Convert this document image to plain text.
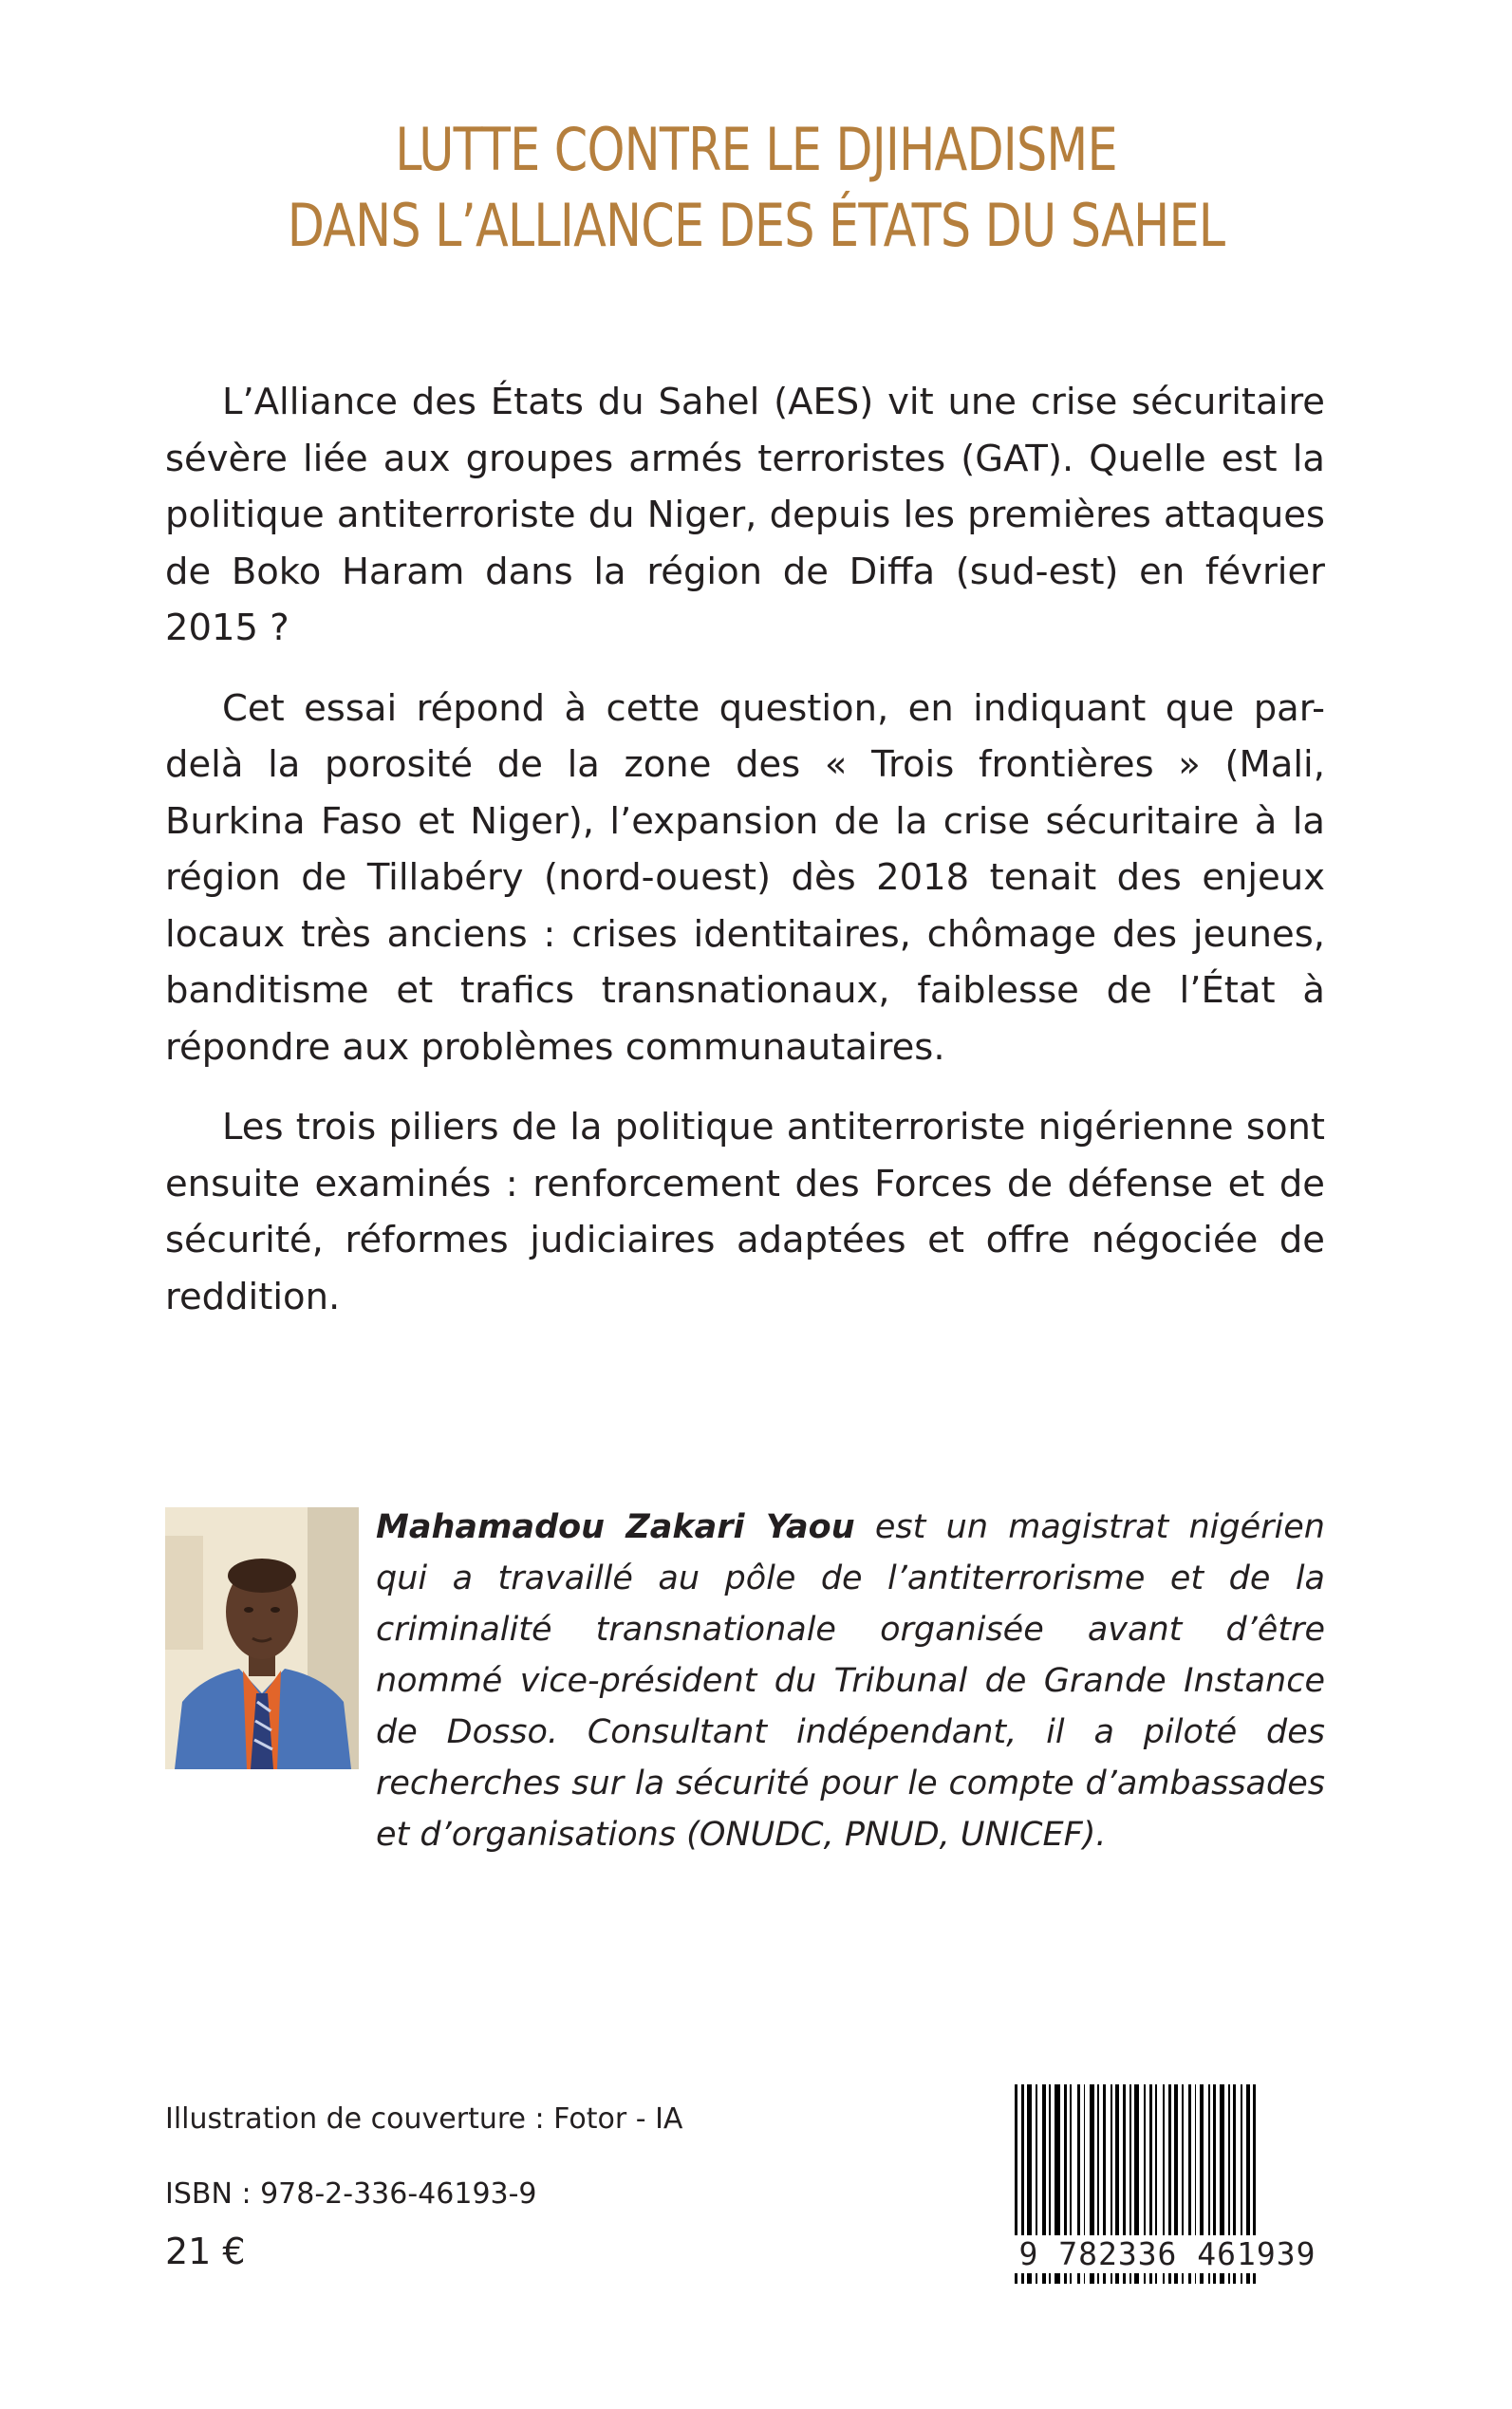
LUTTE CONTRE LE DJIHADISME
DANS L’ALLIANCE DES ÉTATS DU SAHEL

L’Alliance des États du Sahel (AES) vit une crise sécuritaire sévère liée aux groupes armés terroristes (GAT). Quelle est la politique antiterroriste du Niger, depuis les premières attaques de Boko Haram dans la région de Diffa (sud-est) en février 2015 ?

Cet essai répond à cette question, en indiquant que par-delà la porosité de la zone des « Trois frontières » (Mali, Burkina Faso et Niger), l’expansion de la crise sécuritaire à la région de Tillabéry (nord-ouest) dès 2018 tenait des enjeux locaux très anciens : crises identitaires, chômage des jeunes, banditisme et trafics transnationaux, faiblesse de l’État à répondre aux problèmes communautaires.

Les trois piliers de la politique antiterroriste nigérienne sont ensuite examinés : renforcement des Forces de défense et de sécurité, réformes judiciaires adaptées et offre négociée de reddition.

Mahamadou Zakari Yaou est un magistrat nigérien qui a travaillé au pôle de l’antiterrorisme et de la criminalité transnationale organisée avant d’être nommé vice-président du Tribunal de Grande Instance de Dosso. Consultant indépendant, il a piloté des recherches sur la sécurité pour le compte d’ambassades et d’organisations (ONUDC, PNUD, UNICEF).
Illustration de couverture : Fotor - IA
ISBN : 978-2-336-46193-9
21 €	9 782336 461939
